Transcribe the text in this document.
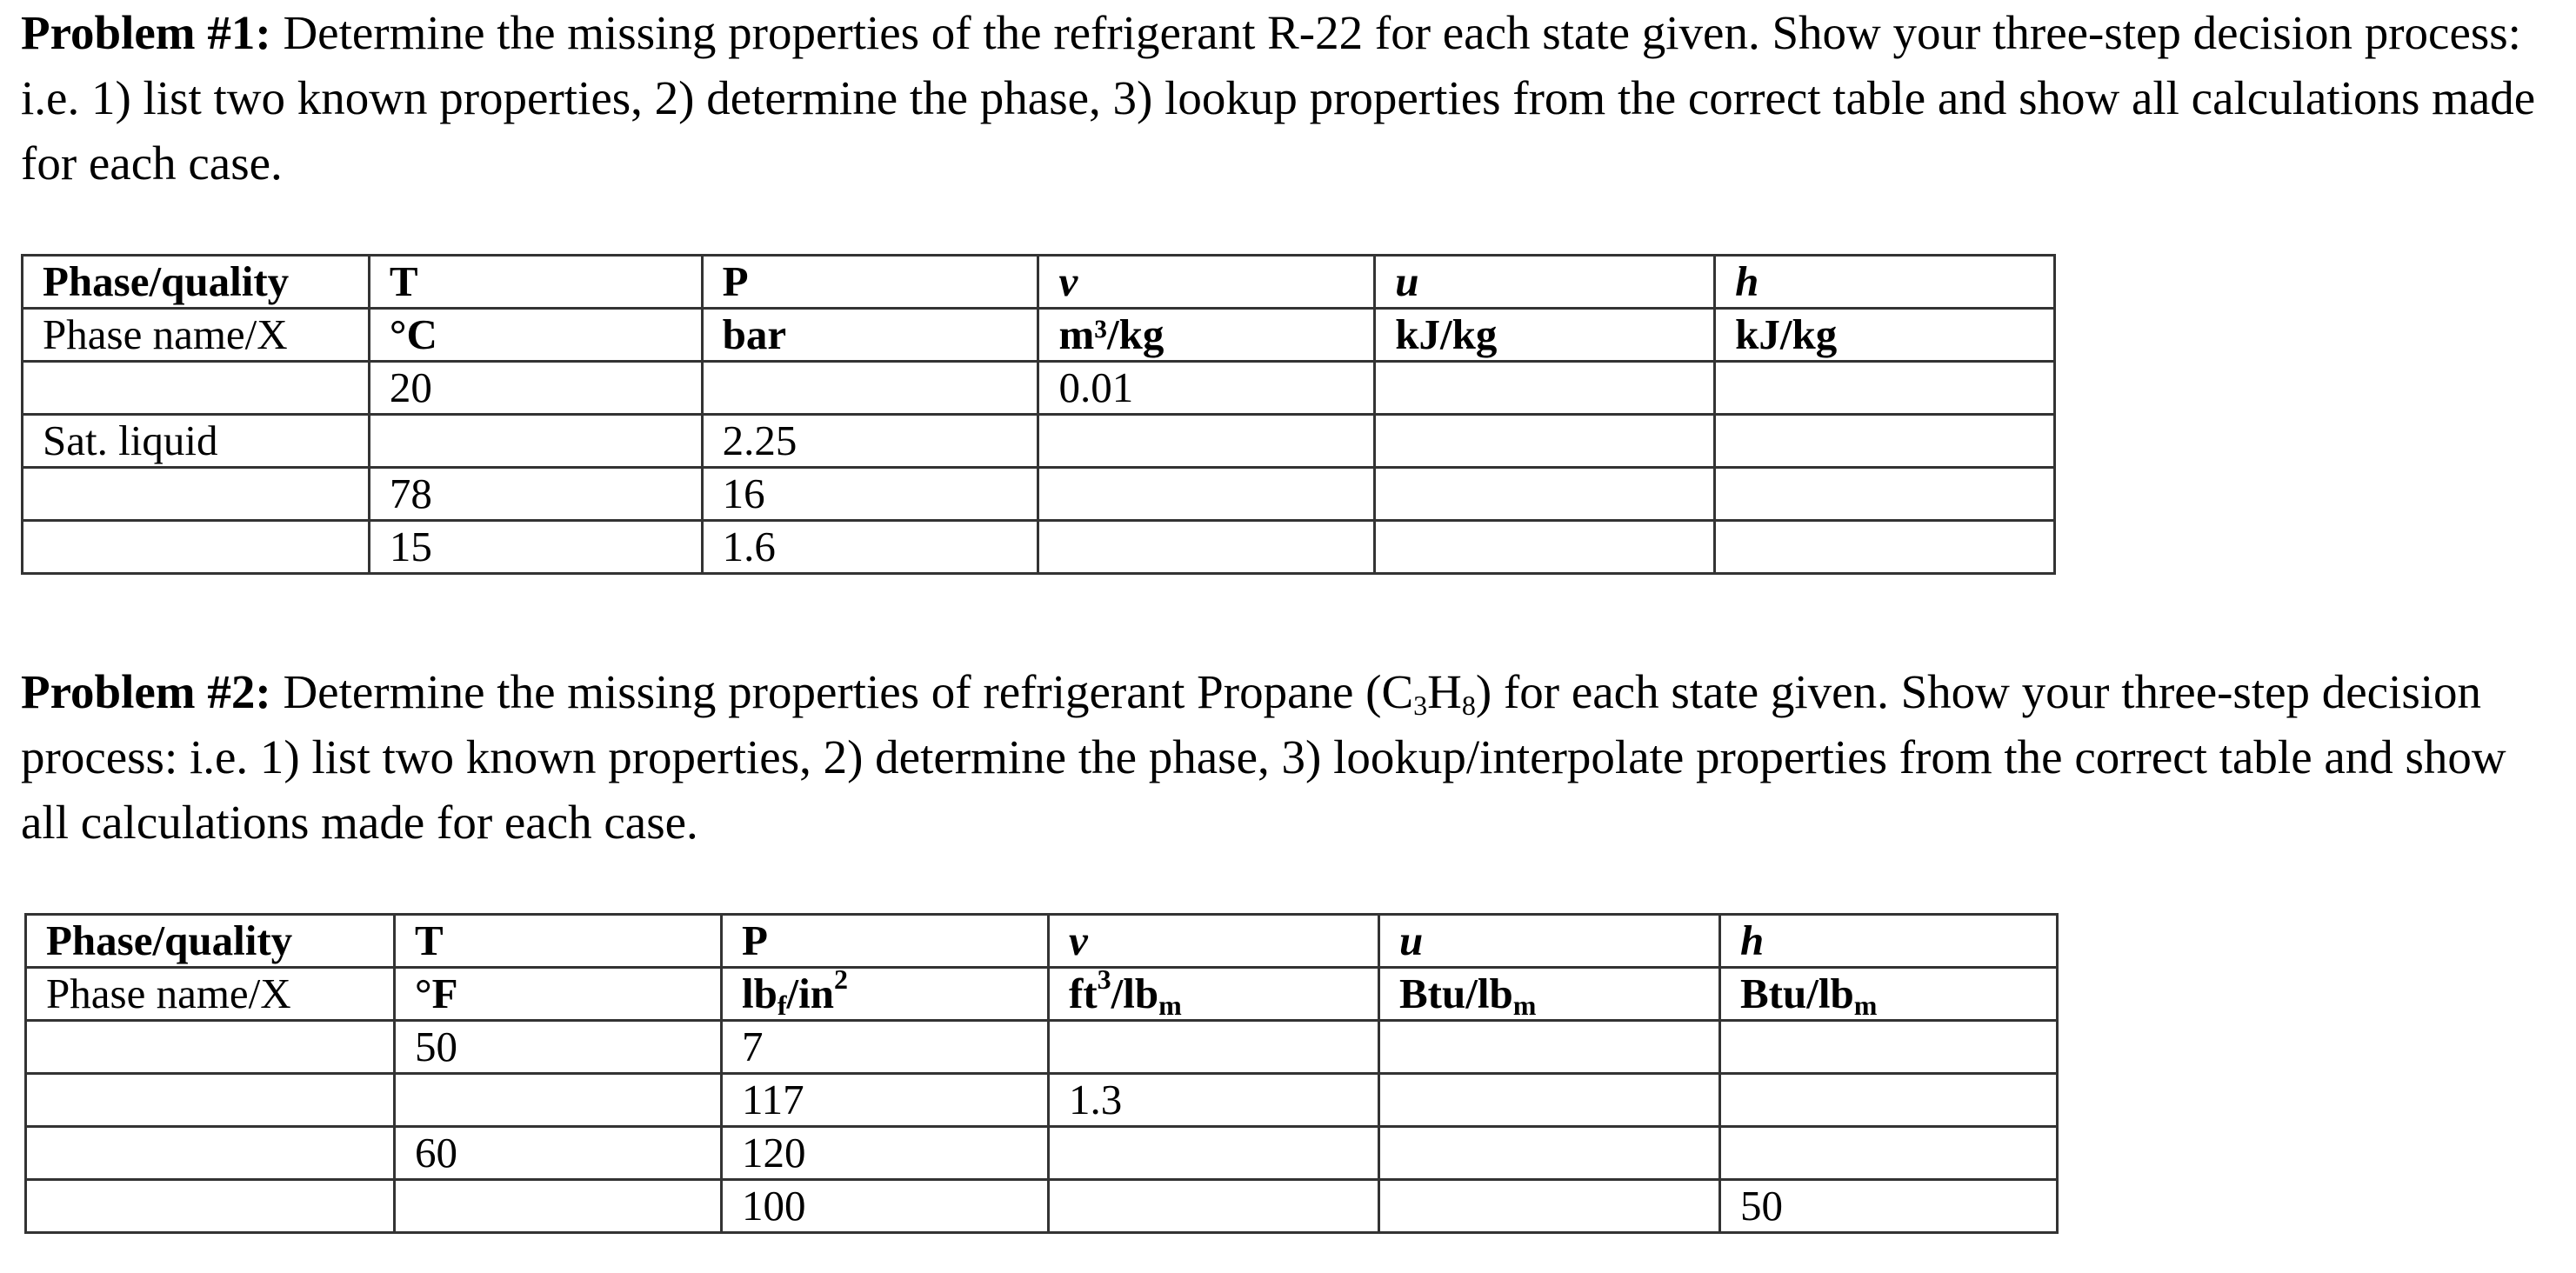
Problem #1: Determine the missing properties of the refrigerant R-22 for each state given. Show your three-step decision process: i.e. 1) list two known properties, 2) determine the phase, 3) lookup properties from the correct table and show all calculations made for each case.

Phase/quality	T	P	v	u	h
Phase name/X	°C	bar	m³/kg	kJ/kg	kJ/kg
	20		0.01		
Sat. liquid		2.25			
	78	16			
	15	1.6			

Problem #2: Determine the missing properties of refrigerant Propane $(C_3H_8)$ for each state given. Show your three-step decision process: i.e. 1) list two known properties, 2) determine the phase, 3) lookup/interpolate properties from the correct table and show all calculations made for each case.

Phase/quality	T	P	v	u	h
Phase name/X	°F	$lb_f/in^2$	$ft^3/lb_m$	Btu/$lb_m$	Btu/$lb_m$
	50	7			
		117	1.3		
	60	120			
		100			50
